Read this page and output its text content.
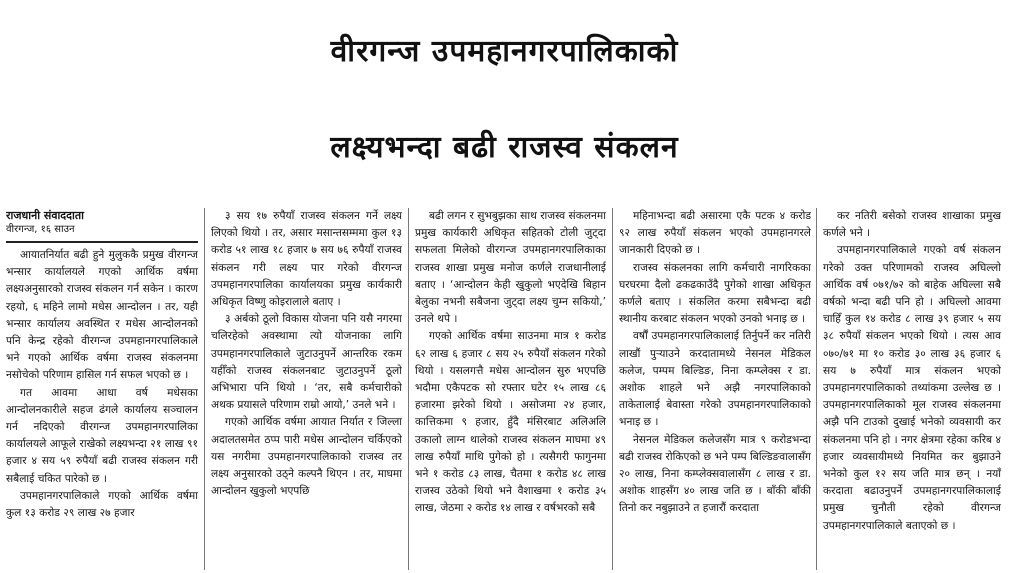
वीरगन्ज उपमहानगरपालिकाको
लक्ष्यभन्दा बढी राजस्व संकलन

राजधानी संवाददाता

वीरगन्ज, १६ साउन

आयातनिर्यात बढी हुने मुलुककै प्रमुख वीरगन्ज भन्सार कार्यालयले गएको आर्थिक वर्षमा लक्ष्यअनुसारको राजस्व संकलन गर्न सकेन । कारण रहयो, ६ महिने लामो मधेस आन्दोलन । तर, यही भन्सार कार्यालय अवस्थित र मधेस आन्दोलनको पनि केन्द्र रहेको वीरगन्ज उपमहानगरपालिकाले भने गएको आर्थिक वर्षमा राजस्व संकलनमा नसोचेको परिणाम हासिल गर्न सफल भएको छ ।

गत आवमा आधा वर्ष मधेसका आन्दोलनकारीले सहज ढंगले कार्यालय सञ्चालन गर्न नदिएको वीरगन्ज उपमहानगरपालिका कार्यालयले आफूले राखेको लक्ष्यभन्दा २१ लाख ९१ हजार ४ सय ५९ रुपैयाँ बढी राजस्व संकलन गरी सबैलाई चकित पारेको छ ।

उपमहानगरपालिकाले गएको आर्थिक वर्षमा कुल १३ करोड २९ लाख २७ हजार

३ सय १७ रुपैयाँ राजस्व संकलन गर्ने लक्ष्य लिएको थियो । तर, असार मसान्तसम्ममा कुल १३ करोड ५१ लाख १८ हजार ७ सय ७६ रुपैयाँ राजस्व संकलन गरी लक्ष्य पार गरेको वीरगन्ज उपमहानगरपालिका कार्यालयका प्रमुख कार्यकारी अधिकृत विष्णु कोइरालाले बताए ।

३ अर्बको ठूलो विकास योजना पनि यसै नगरमा चलिरहेको अवस्थामा त्यो योजनाका लागि उपमहानगरपालिकाले जुटाउनुपर्ने आन्तरिक रकम यहीँको राजस्व संकलनबाट जुटाउनुपर्ने ठूलो अभिभारा पनि थियो । ‘तर, सबै कर्मचारीको अथक प्रयासले परिणाम राम्रो आयो,’ उनले भने ।

गएको आर्थिक वर्षमा आयात निर्यात र जिल्ला अदालतसमेत ठप्प पारी मधेस आन्दोलन चर्किएको यस नगरीमा उपमहानगरपालिकाको राजस्व तर लक्ष्य अनुसारको उठ्ने कल्पनै थिएन । तर, माघमा आन्दोलन खुकुलो भएपछि

बढी लगन र सुभबुझका साथ राजस्व संकलनमा प्रमुख कार्यकारी अधिकृत सहितको टोली जुट्दा सफलता मिलेको वीरगन्ज उपमहानगरपालिकाका राजस्व शाखा प्रमुख मनोज कर्णले राजधानीलाई बताए । ‘आन्दोलन केही खुकुलो भएदेखि बिहान बेलुका नभनी सबैजना जुट्दा लक्ष्य चुम्न सकियो,’ उनले थपे ।

गएको आर्थिक वर्षमा साउनमा मात्र १ करोड ६२ लाख ६ हजार ८ सय २५ रुपैयाँ संकलन गरेको थियो । यसलगत्तै मधेस आन्दोलन सुरु भएपछि भदौमा एकैपटक सो रफ्तार घटेर १५ लाख ८६ हजारमा झरेको थियो । असोजमा २४ हजार, कात्तिकमा ९ हजार, हुँदै मंसिरबाट अलिअलि उकालो लाग्न थालेको राजस्व संकलन माघमा ४९ लाख रुपैयाँ माथि पुगेको हो । त्यसैगरी फागुनमा भने १ करोड ८३ लाख, चैतमा १ करोड ४८ लाख राजस्व उठेको थियो भने वैशाखमा १ करोड ३५ लाख, जेठमा २ करोड १४ लाख र वर्षभरको सबै

महिनाभन्दा बढी असारमा एकै पटक ४ करोड ९२ लाख रुपैयाँ संकलन भएको उपमहानगरले जानकारी दिएको छ ।

राजस्व संकलनका लागि कर्मचारी नागरिकका घरघरमा दैलो ढकढकाउँदै पुगेको शाखा अधिकृत कर्णले बताए । संकलित करमा सबैभन्दा बढी स्थानीय करबाट संकलन भएको उनको भनाइ छ ।

वर्षौं उपमहानगरपालिकालाई तिर्नुपर्ने कर नतिरी लाखौं पुऱ्याउने करदातामध्ये नेसनल मेडिकल कलेज, पम्पम बिल्डिङ, निना कम्प्लेक्स र डा. अशोक शाहले भने अझै नगरपालिकाको ताकेतालाई बेवास्ता गरेको उपमहानगरपालिकाको भनाइ छ ।

नेसनल मेडिकल कलेजसँग मात्र ९ करोडभन्दा बढी राजस्व रोकिएको छ भने पम्प बिल्डिङवालासँग २० लाख, निना कम्प्लेक्सवालासँग ८ लाख र डा. अशोक शाहसँग ४० लाख जति छ । बाँकी बाँकी तिनो कर नबुझाउने त हजारौं करदाता

कर नतिरी बसेको राजस्व शाखाका प्रमुख कर्णले भने ।

उपमहानगरपालिकाले गएको वर्ष संकलन गरेको उक्त परिणामको राजस्व अघिल्लो आर्थिक वर्ष ०७१/७२ को बाहेक अघिल्ला सबै वर्षको भन्दा बढी पनि हो । अघिल्लो आवमा चाहिँ कुल १४ करोड ८ लाख ३९ हजार ५ सय ३८ रुपैयाँ संकलन भएको थियो । त्यस आव ०७०/७१ मा १० करोड ३० लाख ३६ हजार ६ सय ७ रुपैयाँ मात्र संकलन भएको उपमहानगरपालिकाको तथ्यांकमा उल्लेख छ । उपमहानगरपालिकाको मूल राजस्व संकलनमा अझै पनि टाउको दुखाई भनेको व्यवसायी कर संकलनमा पनि हो । नगर क्षेत्रमा रहेका करिब ४ हजार व्यवसायीमध्ये नियमित कर बुझाउने भनेको कुल १२ सय जति मात्र छन् । नयाँ करदाता बढाउनुपर्ने उपमहानगरपालिकालाई प्रमुख चुनौती रहेको वीरगन्ज उपमहानगरपालिकाले बताएको छ ।
